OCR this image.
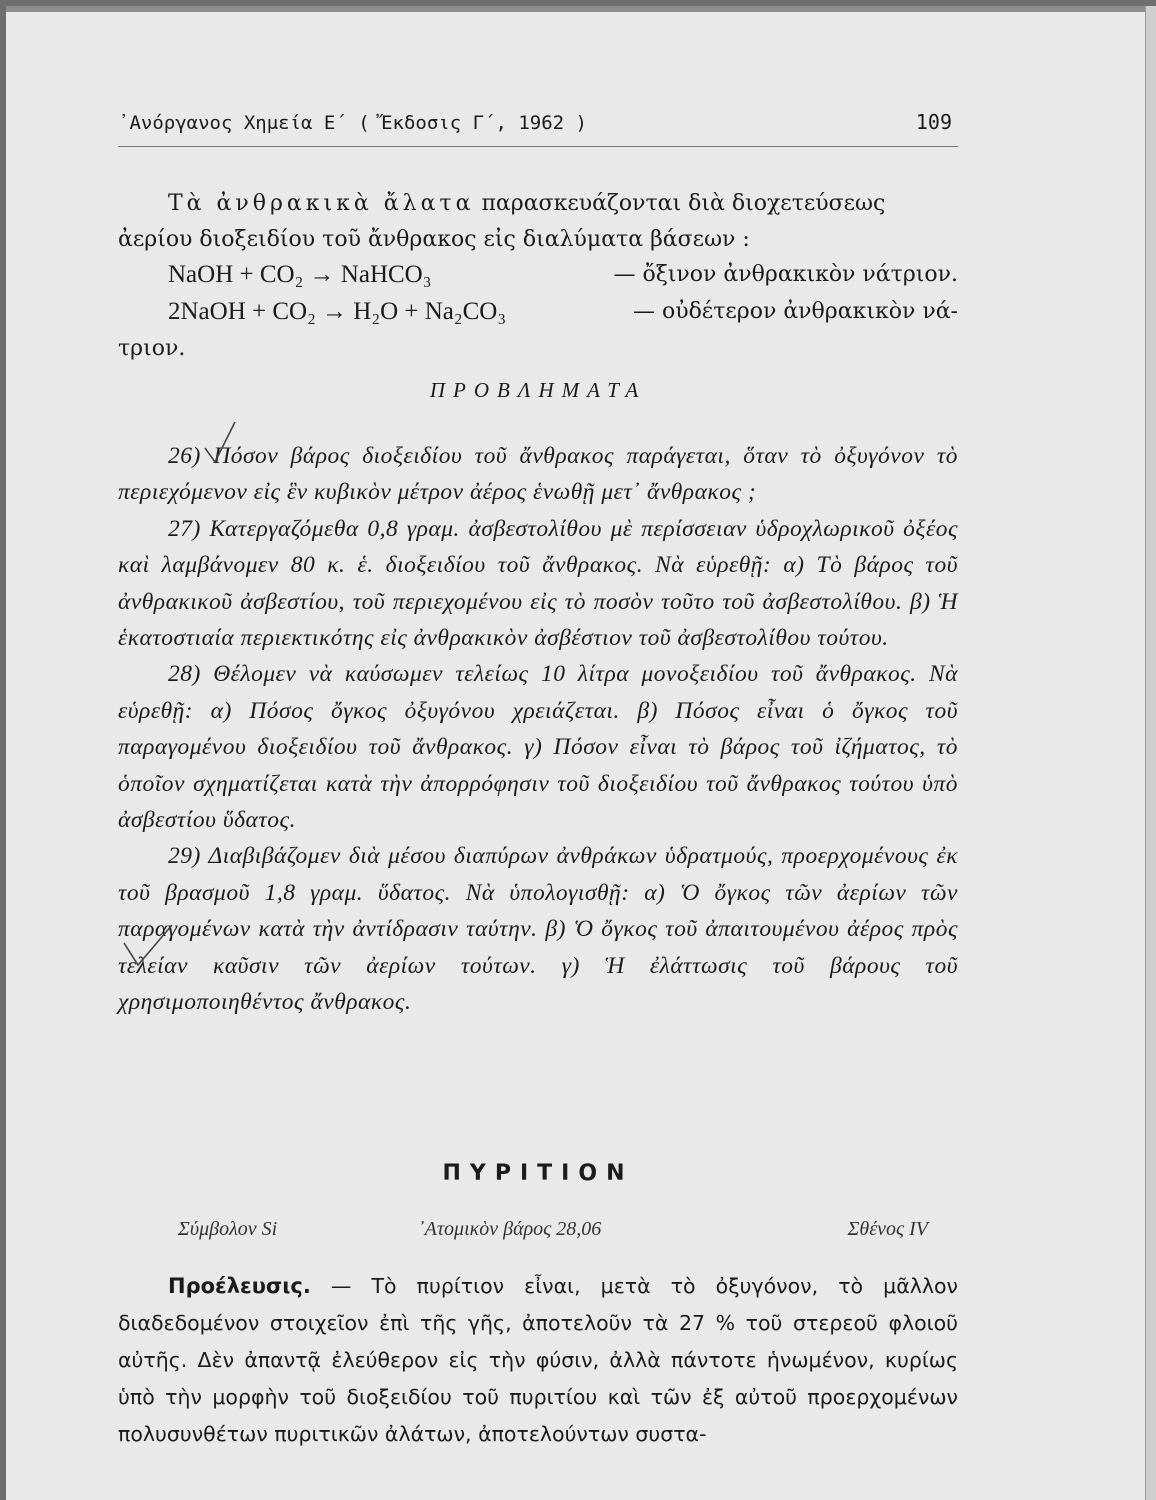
᾿Ανόργανος Χημεία Ε΄ ( Ἔκδοσις Γ΄, 1962 )	109

Τὰ ἀνθρακικὰ ἄλατα παρασκευάζονται διὰ διοχετεύσεως

ἀερίου διοξειδίου τοῦ ἄνθρακος εἰς διαλύματα βάσεων :

NaOH + CO₂ → NaHCO₃	— ὄξινον ἀνθρακικὸν νάτριον.
2NaOH + CO₂ → H₂O + Na₂CO₃	— οὐδέτερον ἀνθρακικὸν νά-

τριον.

ΠΡΟΒΛΗΜΑΤΑ

26) Πόσον βάρος διοξειδίου τοῦ ἄνθρακος παράγεται, ὅταν τὸ ὀξυγόνον τὸ περιεχόμενον εἰς ἓν κυβικὸν μέτρον ἀέρος ἑνωθῇ μετ᾿ ἄνθρακος ;

27) Κατεργαζόμεθα 0,8 γραμ. ἀσβεστολίθου μὲ περίσσειαν ὑδροχλωρικοῦ ὀξέος καὶ λαμβάνομεν 80 κ. ἑ. διοξειδίου τοῦ ἄνθρακος. Νὰ εὑρεθῇ: α) Τὸ βάρος τοῦ ἀνθρακικοῦ ἀσβεστίου, τοῦ περιεχομένου εἰς τὸ ποσὸν τοῦτο τοῦ ἀσβεστολίθου. β) Ἡ ἑκατοστιαία περιεκτικότης εἰς ἀνθρακικὸν ἀσβέστιον τοῦ ἀσβεστολίθου τούτου.

28) Θέλομεν νὰ καύσωμεν τελείως 10 λίτρα μονοξειδίου τοῦ ἄνθρακος. Νὰ εὑρεθῇ: α) Πόσος ὄγκος ὀξυγόνου χρειάζεται. β) Πόσος εἶναι ὁ ὄγκος τοῦ παραγομένου διοξειδίου τοῦ ἄνθρακος. γ) Πόσον εἶναι τὸ βάρος τοῦ ἰζήματος, τὸ ὁποῖον σχηματίζεται κατὰ τὴν ἀπορρόφησιν τοῦ διοξειδίου τοῦ ἄνθρακος τούτου ὑπὸ ἀσβεστίου ὕδατος.

29) Διαβιβάζομεν διὰ μέσου διαπύρων ἀνθράκων ὑδρατμούς, προερχομένους ἐκ τοῦ βρασμοῦ 1,8 γραμ. ὕδατος. Νὰ ὑπολογισθῇ: α) Ὁ ὄγκος τῶν ἀερίων τῶν παραγομένων κατὰ τὴν ἀντίδρασιν ταύτην. β) Ὁ ὄγκος τοῦ ἀπαιτουμένου ἀέρος πρὸς τελείαν καῦσιν τῶν ἀερίων τούτων. γ) Ἡ ἐλάττωσις τοῦ βάρους τοῦ χρησιμοποιηθέντος ἄνθρακος.

ΠΥΡΙΤΙΟΝ
Σύμβολον Si	᾿Ατομικὸν βάρος 28,06	Σθένος IV

Προέλευσις. — Τὸ πυρίτιον εἶναι, μετὰ τὸ ὀξυγόνον, τὸ μᾶλλον διαδεδομένον στοιχεῖον ἐπὶ τῆς γῆς, ἀποτελοῦν τὰ 27 % τοῦ στερεοῦ φλοιοῦ αὐτῆς. Δὲν ἀπαντᾷ ἐλεύθερον εἰς τὴν φύσιν, ἀλλὰ πάντοτε ἡνωμένον, κυρίως ὑπὸ τὴν μορφὴν τοῦ διοξειδίου τοῦ πυριτίου καὶ τῶν ἐξ αὐτοῦ προερχομένων πολυσυνθέτων πυριτικῶν ἀλάτων, ἀποτελούντων συστα-
